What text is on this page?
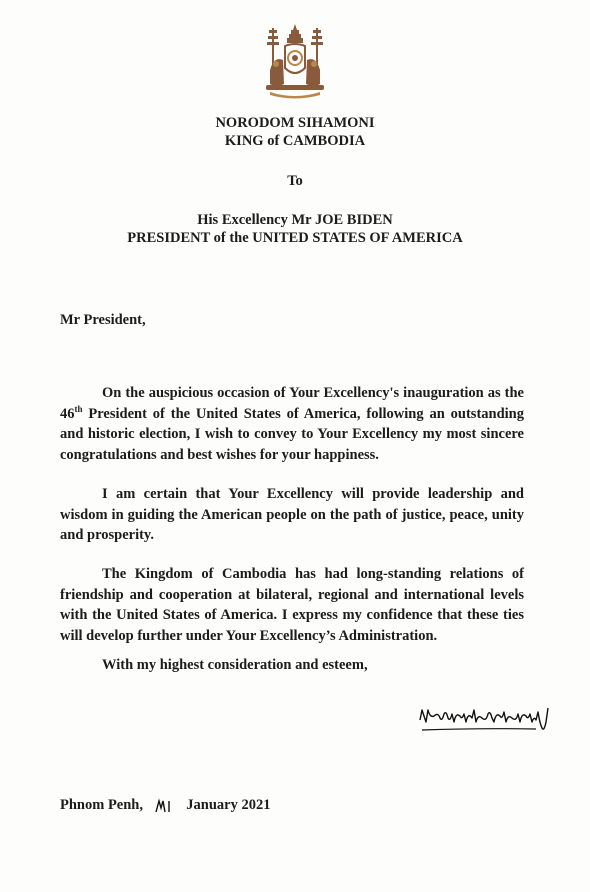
NORODOM SIHAMONI
KING of CAMBODIA
To
His Excellency Mr JOE BIDEN
PRESIDENT of the UNITED STATES OF AMERICA
Mr President,
On the auspicious occasion of Your Excellency's inauguration as the 46th President of the United States of America, following an outstanding and historic election, I wish to convey to Your Excellency my most sincere congratulations and best wishes for your happiness.
I am certain that Your Excellency will provide leadership and wisdom in guiding the American people on the path of justice, peace, unity and prosperity.
The Kingdom of Cambodia has had long-standing relations of friendship and cooperation at bilateral, regional and international levels with the United States of America. I express my confidence that these ties will develop further under Your Excellency’s Administration.
With my highest consideration and esteem,
Phnom Penh,	January 2021
